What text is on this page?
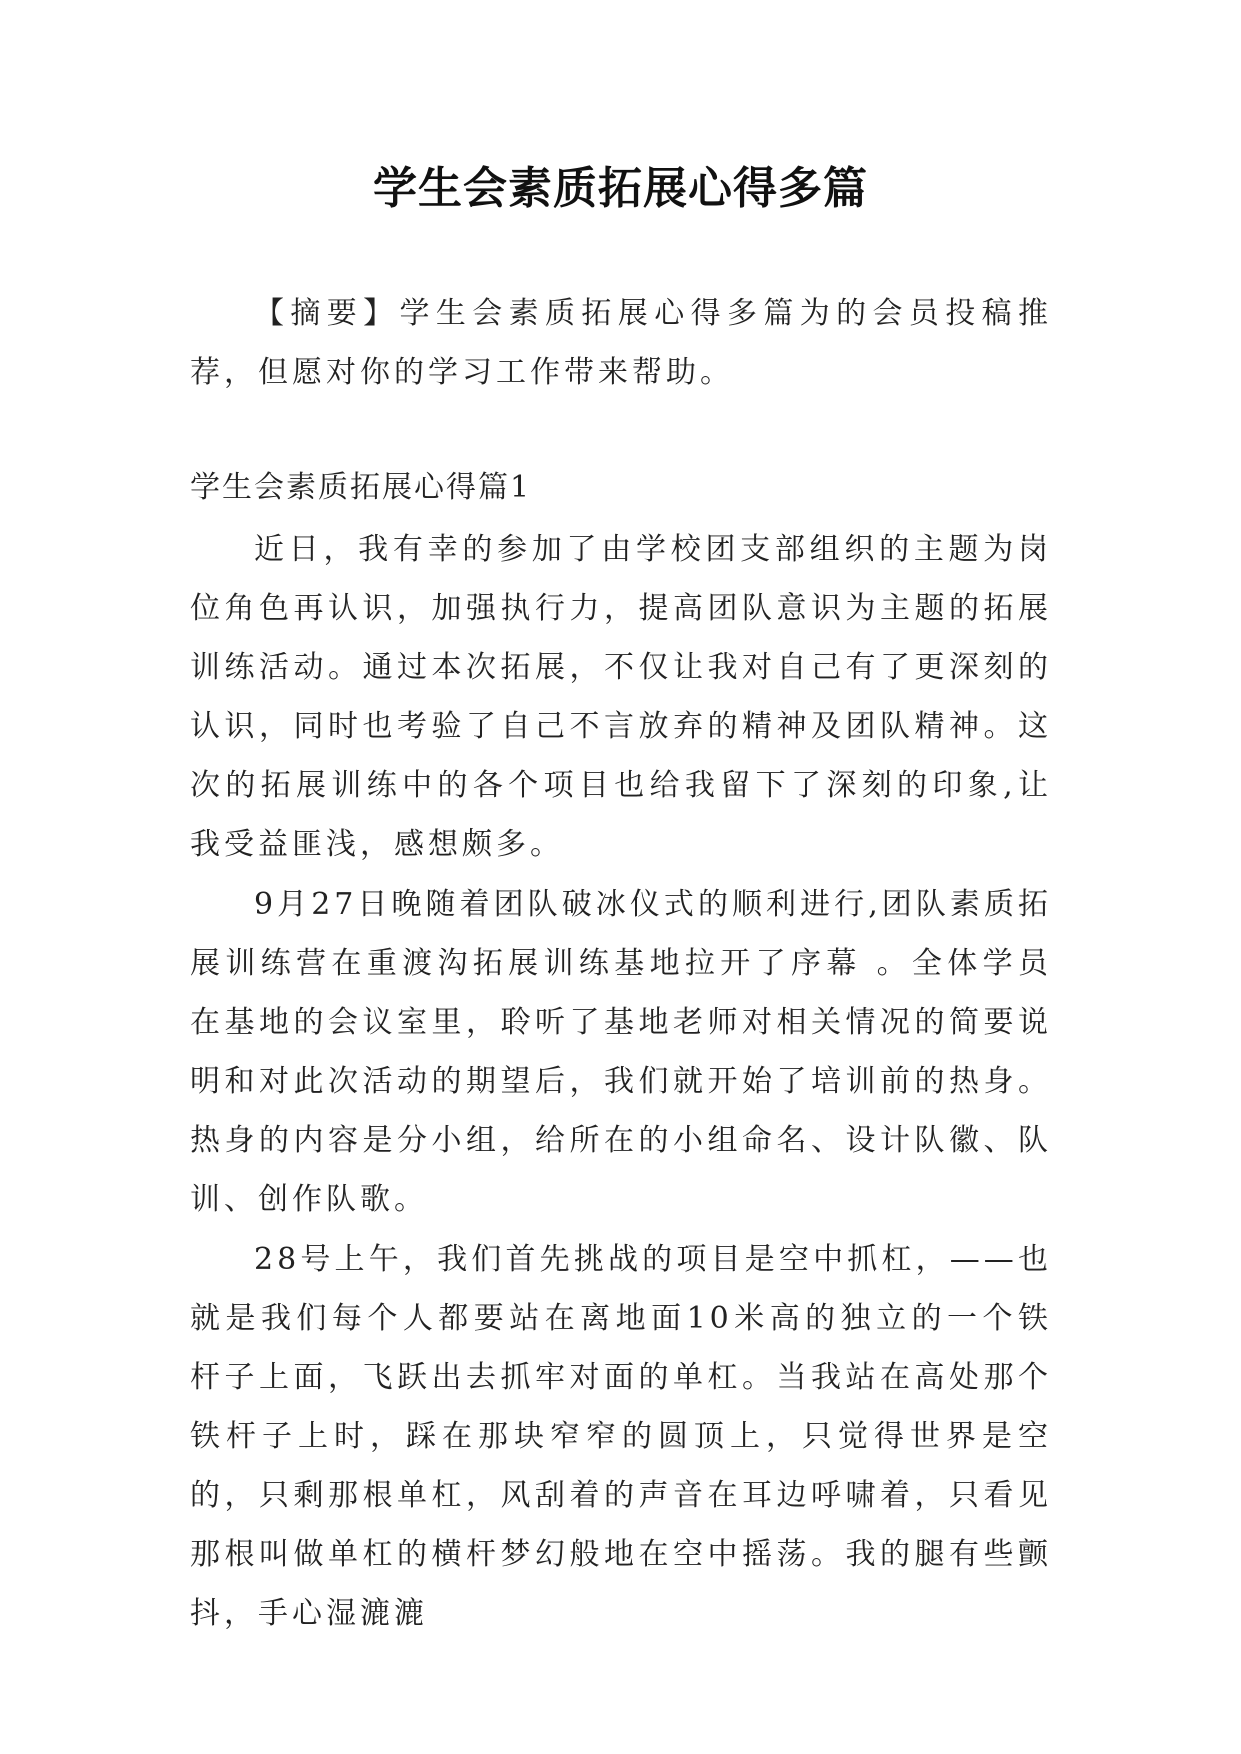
学生会素质拓展心得多篇

【摘要】学生会素质拓展心得多篇为的会员投稿推荐，但愿对你的学习工作带来帮助。

学生会素质拓展心得篇1

近日，我有幸的参加了由学校团支部组织的主题为岗位角色再认识，加强执行力，提高团队意识为主题的拓展训练活动。通过本次拓展，不仅让我对自己有了更深刻的认识，同时也考验了自己不言放弃的精神及团队精神。这次的拓展训练中的各个项目也给我留下了深刻的印象,让我受益匪浅，感想颇多。

9月27日晚随着团队破冰仪式的顺利进行,团队素质拓展训练营在重渡沟拓展训练基地拉开了序幕 。全体学员在基地的会议室里，聆听了基地老师对相关情况的简要说明和对此次活动的期望后，我们就开始了培训前的热身。热身的内容是分小组，给所在的小组命名、设计队徽、队训、创作队歌。

28号上午，我们首先挑战的项目是空中抓杠，——也就是我们每个人都要站在离地面10米高的独立的一个铁杆子上面，飞跃出去抓牢对面的单杠。当我站在高处那个铁杆子上时，踩在那块窄窄的圆顶上，只觉得世界是空的，只剩那根单杠，风刮着的声音在耳边呼啸着，只看见那根叫做单杠的横杆梦幻般地在空中摇荡。我的腿有些颤抖，手心湿漉漉
